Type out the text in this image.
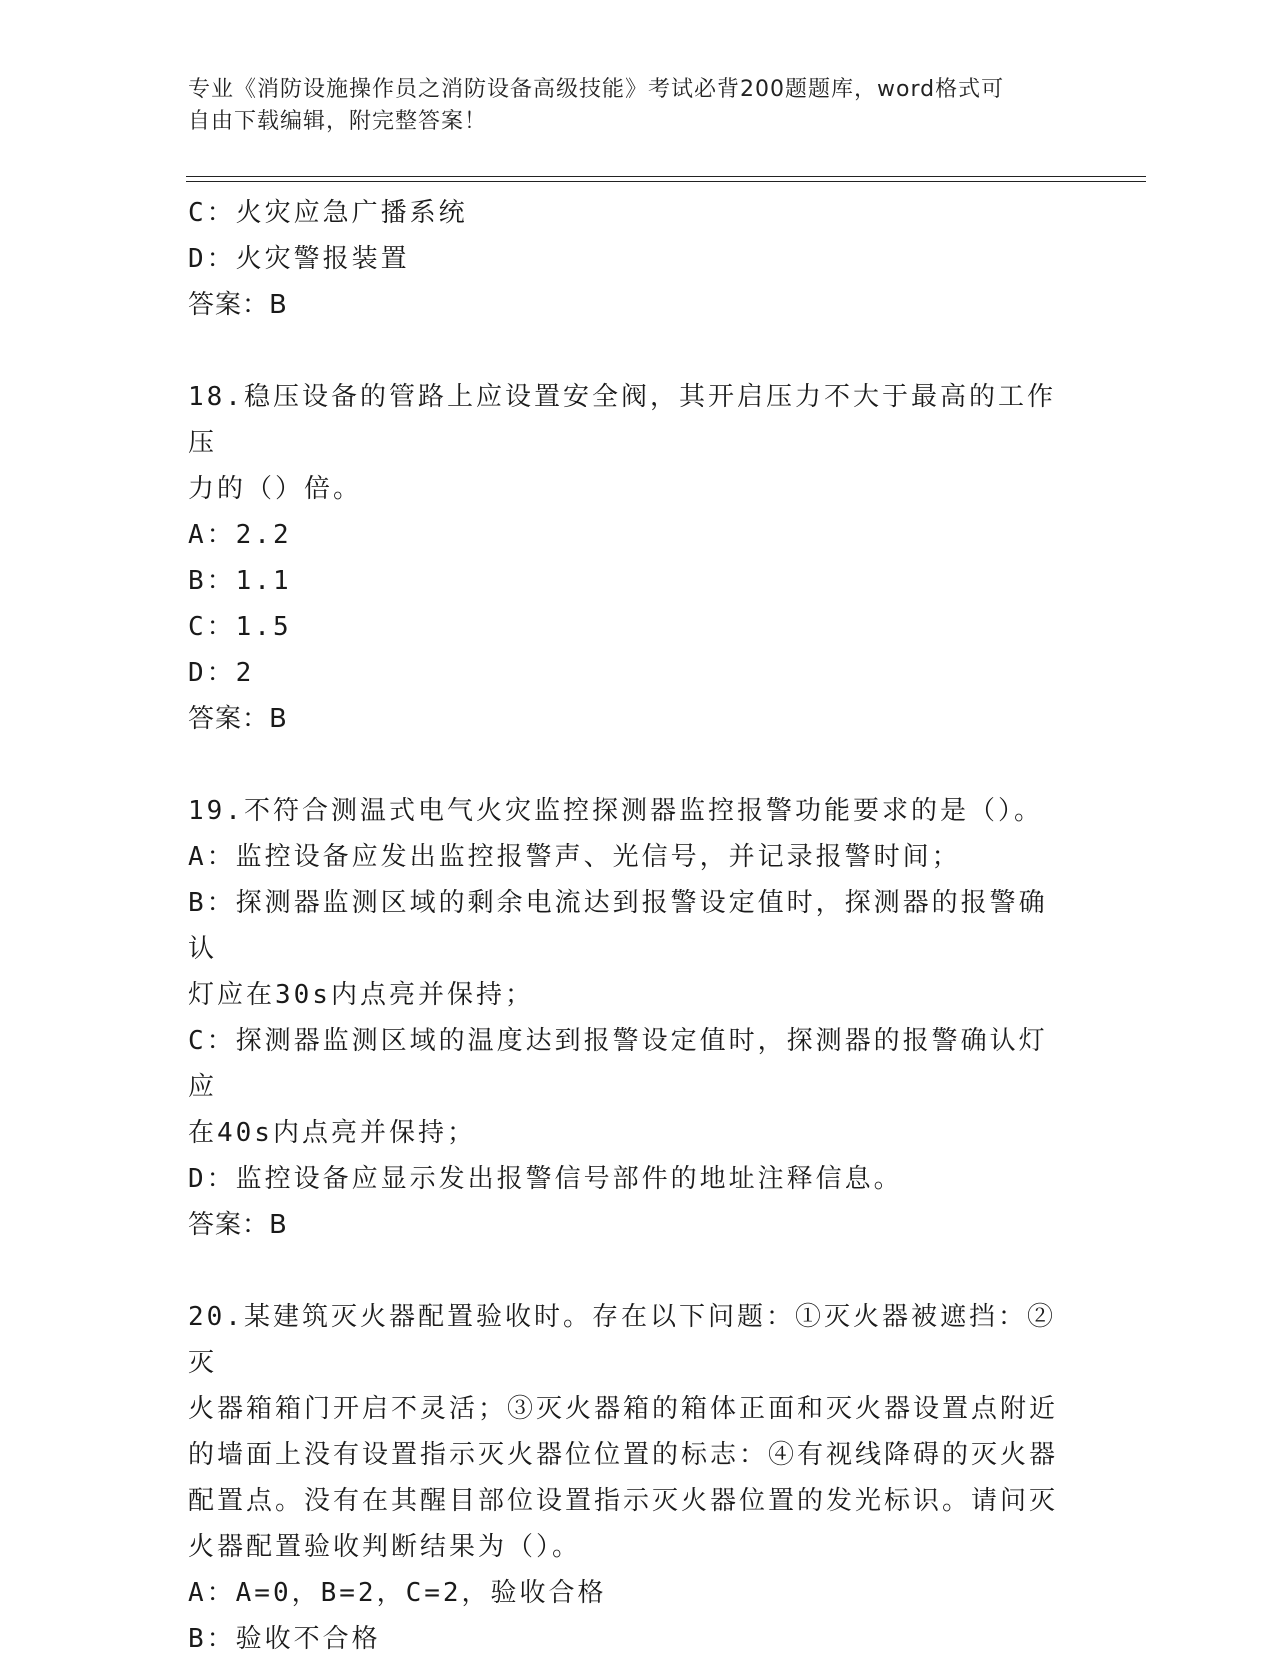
专业《消防设施操作员之消防设备高级技能》考试必背200题题库，word格式可
自由下载编辑，附完整答案！

C：火灾应急广播系统

D：火灾警报装置

答案：B

18.稳压设备的管路上应设置安全阀，其开启压力不大于最高的工作压

力的（）倍。

A：2.2

B：1.1

C：1.5

D：2

答案：B

19.不符合测温式电气火灾监控探测器监控报警功能要求的是（）。

A：监控设备应发出监控报警声、光信号，并记录报警时间；

B：探测器监测区域的剩余电流达到报警设定值时，探测器的报警确认

灯应在30s内点亮并保持；

C：探测器监测区域的温度达到报警设定值时，探测器的报警确认灯应

在40s内点亮并保持；

D：监控设备应显示发出报警信号部件的地址注释信息。

答案：B

20.某建筑灭火器配置验收时。存在以下问题：①灭火器被遮挡：②灭

火器箱箱门开启不灵活；③灭火器箱的箱体正面和灭火器设置点附近

的墙面上没有设置指示灭火器位位置的标志：④有视线降碍的灭火器

配置点。没有在其醒目部位设置指示灭火器位置的发光标识。请问灭

火器配置验收判断结果为（）。

A：A=0，B=2，C=2，验收合格

B：验收不合格
